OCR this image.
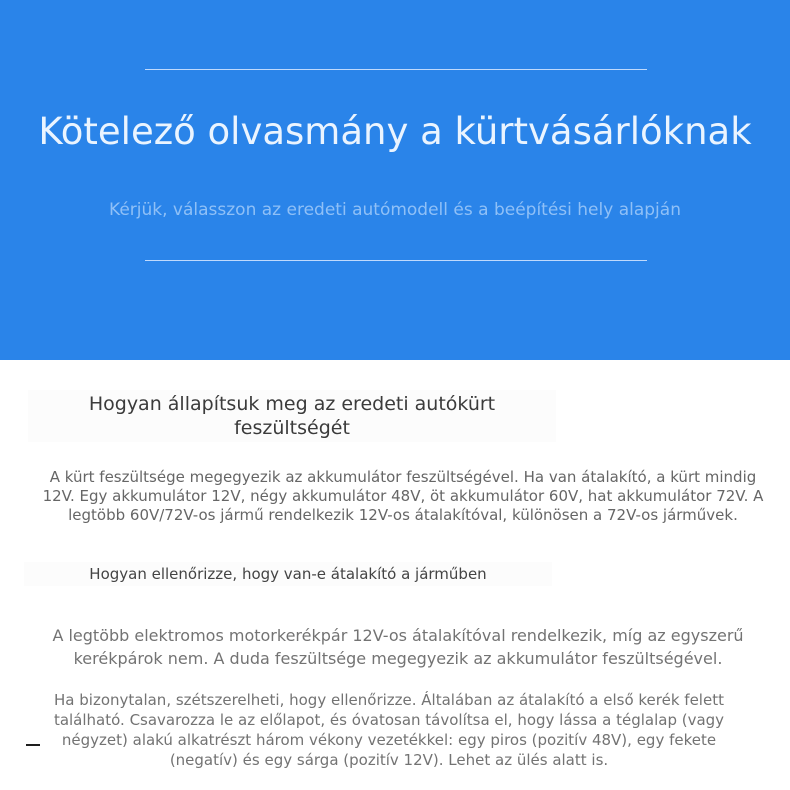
Kötelező olvasmány a kürtvásárlóknak
Kérjük, válasszon az eredeti autómodell és a beépítési hely alapján
Hogyan állapítsuk meg az eredeti autókürt feszültségét
A kürt feszültsége megegyezik az akkumulátor feszültségével. Ha van átalakító, a kürt mindig 12V. Egy akkumulátor 12V, négy akkumulátor 48V, öt akkumulátor 60V, hat akkumulátor 72V. A legtöbb 60V/72V-os jármű rendelkezik 12V-os átalakítóval, különösen a 72V-os járművek.
Hogyan ellenőrizze, hogy van-e átalakító a járműben
A legtöbb elektromos motorkerékpár 12V-os átalakítóval rendelkezik, míg az egyszerű kerékpárok nem. A duda feszültsége megegyezik az akkumulátor feszültségével.
Ha bizonytalan, szétszerelheti, hogy ellenőrizze. Általában az átalakító a első kerék felett található. Csavarozza le az előlapot, és óvatosan távolítsa el, hogy lássa a téglalap (vagy négyzet) alakú alkatrészt három vékony vezetékkel: egy piros (pozitív 48V), egy fekete (negatív) és egy sárga (pozitív 12V). Lehet az ülés alatt is.
